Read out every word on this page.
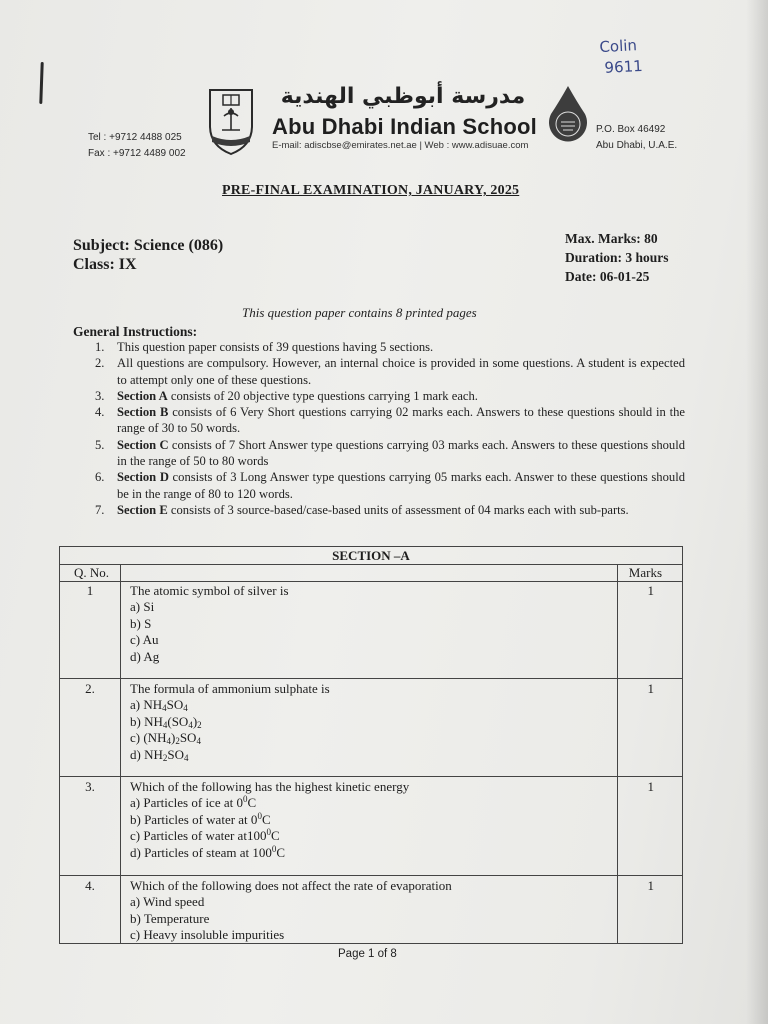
Colin
9611
Tel : +9712 4488 025
Fax : +9712 4489 002
مدرسة أبوظبي الهندية
Abu Dhabi Indian School
E-mail: adiscbse@emirates.net.ae | Web : www.adisuae.com
P.O. Box 46492
Abu Dhabi, U.A.E.
PRE-FINAL EXAMINATION, JANUARY, 2025
Subject: Science (086)
Class: IX
Max. Marks: 80
Duration: 3 hours
Date: 06-01-25
This question paper contains 8 printed pages
General Instructions:
1. This question paper consists of 39 questions having 5 sections.
2. All questions are compulsory. However, an internal choice is provided in some questions. A student is expected to attempt only one of these questions.
3. Section A consists of 20 objective type questions carrying 1 mark each.
4. Section B consists of 6 Very Short questions carrying 02 marks each. Answers to these questions should in the range of 30 to 50 words.
5. Section C consists of 7 Short Answer type questions carrying 03 marks each. Answers to these questions should in the range of 50 to 80 words
6. Section D consists of 3 Long Answer type questions carrying 05 marks each. Answer to these questions should be in the range of 80 to 120 words.
7. Section E consists of 3 source-based/case-based units of assessment of 04 marks each with sub-parts.
SECTION –A
Q. No.	Marks
1	The atomic symbol of silver is
a) Si
b) S
c) Au
d) Ag
1
2.	The formula of ammonium sulphate is
a) $NH_4SO_4$
b) $NH_4(SO_4)_2$
c) $(NH_4)_2SO_4$
d) $NH_2SO_4$
1
3.	Which of the following has the highest kinetic energy
a) Particles of ice at $0^0C$
b) Particles of water at $0^0C$
c) Particles of water $at100^0C$
d) Particles of steam at $100^0C$
1
4.	Which of the following does not affect the rate of evaporation
a) Wind speed
b) Temperature
c) Heavy insoluble impurities
1
Page 1 of 8
